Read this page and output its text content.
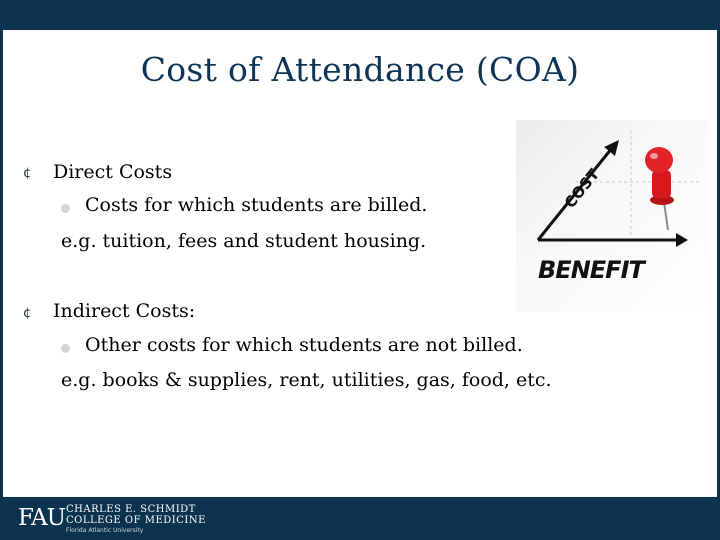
Cost of Attendance (COA)
¢ Direct Costs
Costs for which students are billed.
e.g. tuition, fees and student housing.
¢ Indirect Costs:
Other costs for which students are not billed.
e.g. books & supplies, rent, utilities, gas, food, etc.
COST
BENEFIT
FAU CHARLES E. SCHMIDT
COLLEGE OF MEDICINE
Florida Atlantic University
